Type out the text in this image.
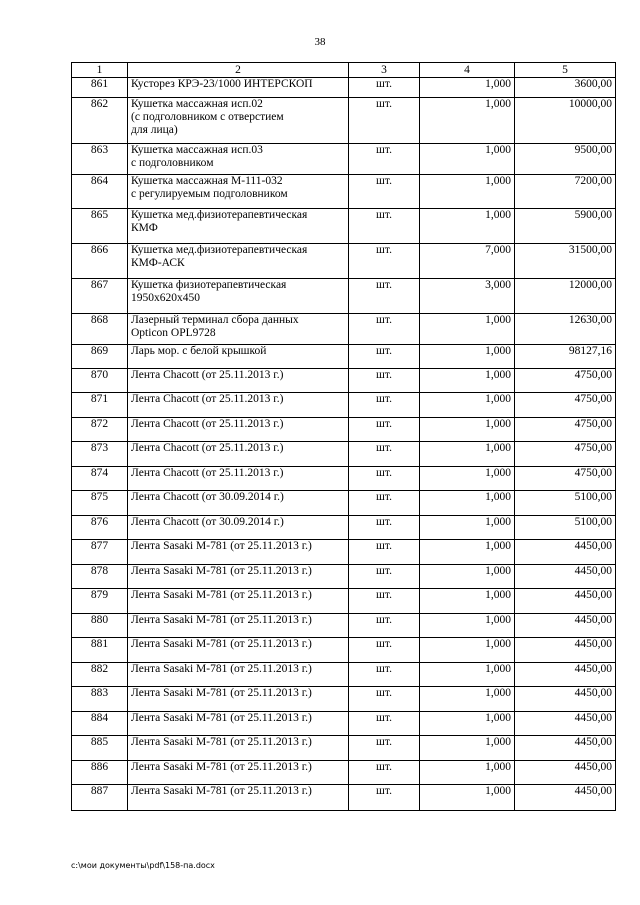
38
1	2	3	4	5
861	Кусторез КРЭ-23/1000 ИНТЕРСКОП	шт.	1,000	3600,00
862	Кушетка массажная исп.02
(с подголовником с отверстием
для лица)	шт.	1,000	10000,00
863	Кушетка массажная исп.03
с подголовником	шт.	1,000	9500,00
864	Кушетка массажная М-111-032
с регулируемым подголовником	шт.	1,000	7200,00
865	Кушетка мед.физиотерапевтическая
КМФ	шт.	1,000	5900,00
866	Кушетка мед.физиотерапевтическая
КМФ-АСК	шт.	7,000	31500,00
867	Кушетка физиотерапевтическая
1950х620х450	шт.	3,000	12000,00
868	Лазерный терминал сбора данных
Opticon OPL9728	шт.	1,000	12630,00
869	Ларь мор. с белой крышкой	шт.	1,000	98127,16
870	Лента Chacott (от 25.11.2013 г.)	шт.	1,000	4750,00
871	Лента Chacott (от 25.11.2013 г.)	шт.	1,000	4750,00
872	Лента Chacott (от 25.11.2013 г.)	шт.	1,000	4750,00
873	Лента Chacott (от 25.11.2013 г.)	шт.	1,000	4750,00
874	Лента Chacott (от 25.11.2013 г.)	шт.	1,000	4750,00
875	Лента Chacott (от 30.09.2014 г.)	шт.	1,000	5100,00
876	Лента Chacott (от 30.09.2014 г.)	шт.	1,000	5100,00
877	Лента Sasaki М-781 (от 25.11.2013 г.)	шт.	1,000	4450,00
878	Лента Sasaki М-781 (от 25.11.2013 г.)	шт.	1,000	4450,00
879	Лента Sasaki М-781 (от 25.11.2013 г.)	шт.	1,000	4450,00
880	Лента Sasaki М-781 (от 25.11.2013 г.)	шт.	1,000	4450,00
881	Лента Sasaki М-781 (от 25.11.2013 г.)	шт.	1,000	4450,00
882	Лента Sasaki М-781 (от 25.11.2013 г.)	шт.	1,000	4450,00
883	Лента Sasaki М-781 (от 25.11.2013 г.)	шт.	1,000	4450,00
884	Лента Sasaki М-781 (от 25.11.2013 г.)	шт.	1,000	4450,00
885	Лента Sasaki М-781 (от 25.11.2013 г.)	шт.	1,000	4450,00
886	Лента Sasaki М-781 (от 25.11.2013 г.)	шт.	1,000	4450,00
887	Лента Sasaki М-781 (от 25.11.2013 г.)	шт.	1,000	4450,00
c:\мои документы\pdf\158-па.docx
